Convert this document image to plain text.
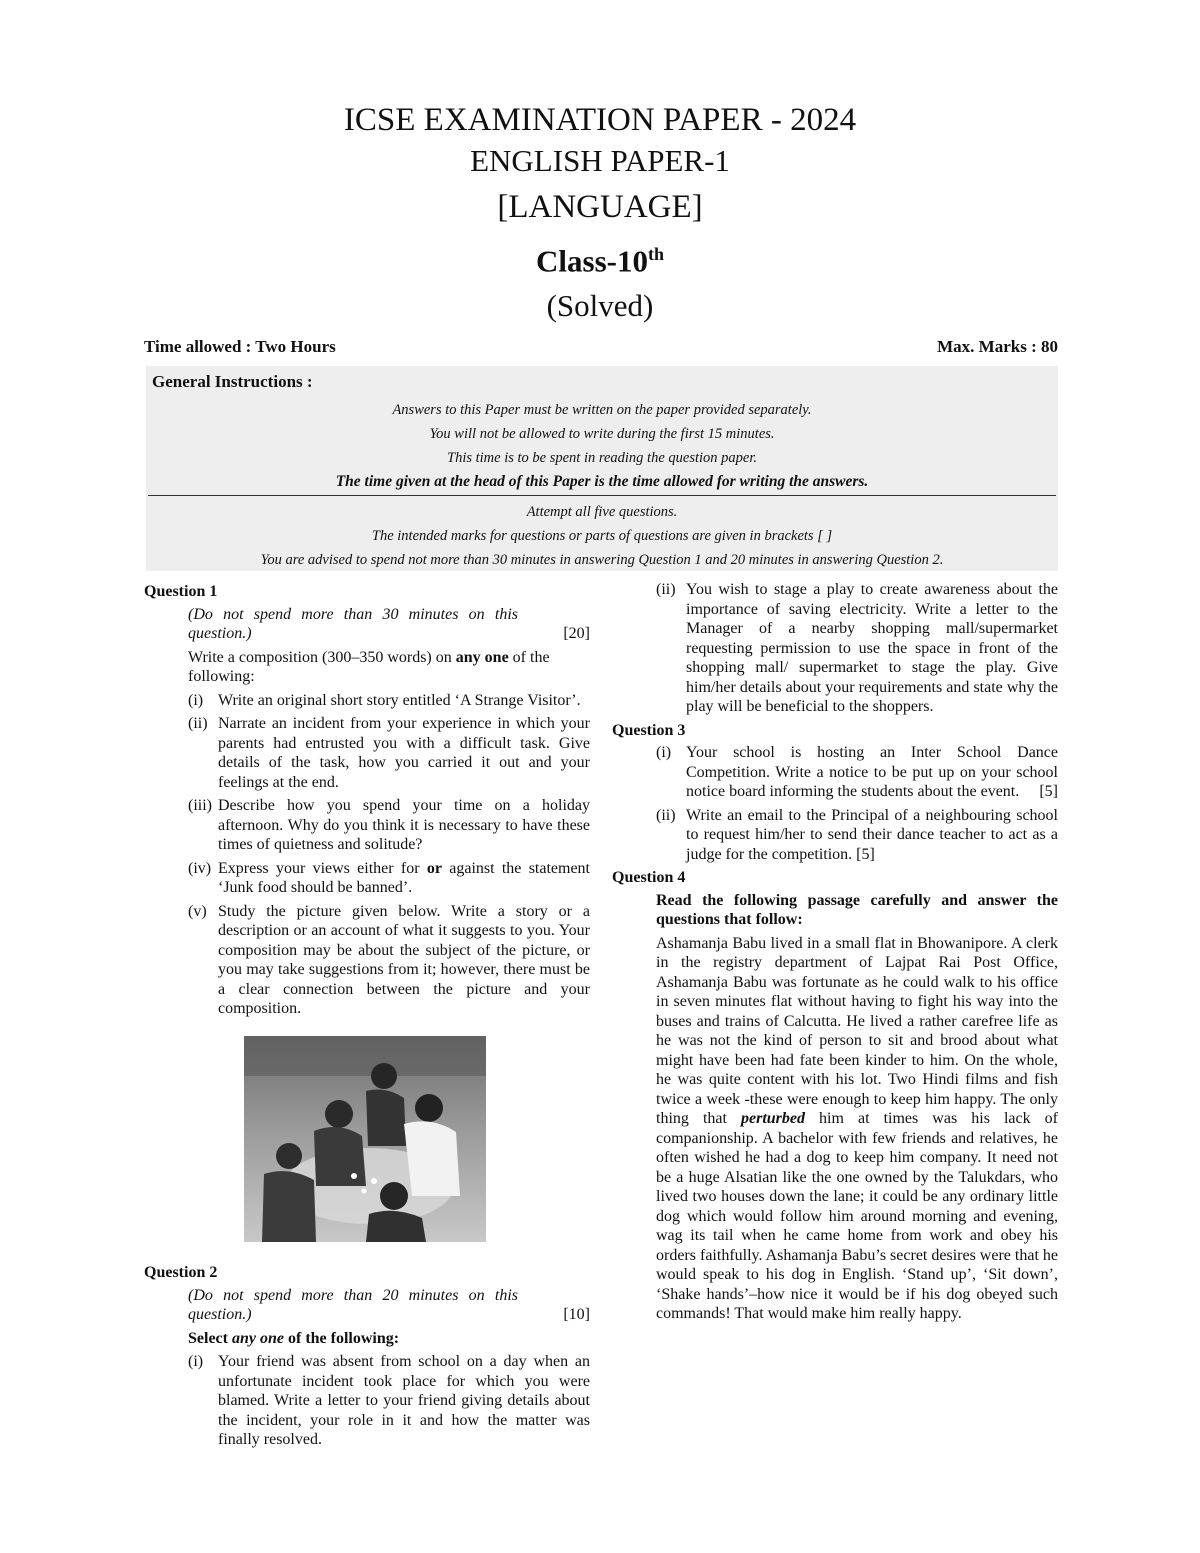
ICSE EXAMINATION PAPER - 2024
ENGLISH PAPER-1
[LANGUAGE]
Class-10th
(Solved)
Time allowed : Two Hours	Max. Marks : 80
General Instructions :
Answers to this Paper must be written on the paper provided separately.
You will not be allowed to write during the first 15 minutes.
This time is to be spent in reading the question paper.
The time given at the head of this Paper is the time allowed for writing the answers.
Attempt all five questions.
The intended marks for questions or parts of questions are given in brackets [ ]
You are advised to spend not more than 30 minutes in answering Question 1 and 20 minutes in answering Question 2.
Question 1
(Do not spend more than 30 minutes on this question.)	[20]
Write a composition (300–350 words) on any one of the following:
(i) Write an original short story entitled ‘A Strange Visitor’.
(ii) Narrate an incident from your experience in which your parents had entrusted you with a difficult task. Give details of the task, how you carried it out and your feelings at the end.
(iii) Describe how you spend your time on a holiday afternoon. Why do you think it is necessary to have these times of quietness and solitude?
(iv) Express your views either for or against the statement ‘Junk food should be banned’.
(v) Study the picture given below. Write a story or a description or an account of what it suggests to you. Your composition may be about the subject of the picture, or you may take suggestions from it; however, there must be a clear connection between the picture and your composition.
Question 2
(Do not spend more than 20 minutes on this question.)	[10]
Select any one of the following:
(i) Your friend was absent from school on a day when an unfortunate incident took place for which you were blamed. Write a letter to your friend giving details about the incident, your role in it and how the matter was finally resolved.
(ii) You wish to stage a play to create awareness about the importance of saving electricity. Write a letter to the Manager of a nearby shopping mall/supermarket requesting permission to use the space in front of the shopping mall/ supermarket to stage the play. Give him/her details about your requirements and state why the play will be beneficial to the shoppers.
Question 3
(i) Your school is hosting an Inter School Dance Competition. Write a notice to be put up on your school notice board informing the students about the event. [5]
(ii) Write an email to the Principal of a neighbouring school to request him/her to send their dance teacher to act as a judge for the competition. [5]
Question 4
Read the following passage carefully and answer the questions that follow:
Ashamanja Babu lived in a small flat in Bhowanipore. A clerk in the registry department of Lajpat Rai Post Office, Ashamanja Babu was fortunate as he could walk to his office in seven minutes flat without having to fight his way into the buses and trains of Calcutta. He lived a rather carefree life as he was not the kind of person to sit and brood about what might have been had fate been kinder to him. On the whole, he was quite content with his lot. Two Hindi films and fish twice a week -these were enough to keep him happy. The only thing that perturbed him at times was his lack of companionship. A bachelor with few friends and relatives, he often wished he had a dog to keep him company. It need not be a huge Alsatian like the one owned by the Talukdars, who lived two houses down the lane; it could be any ordinary little dog which would follow him around morning and evening, wag its tail when he came home from work and obey his orders faithfully. Ashamanja Babu’s secret desires were that he would speak to his dog in English. ‘Stand up’, ‘Sit down’, ‘Shake hands’–how nice it would be if his dog obeyed such commands! That would make him really happy.
